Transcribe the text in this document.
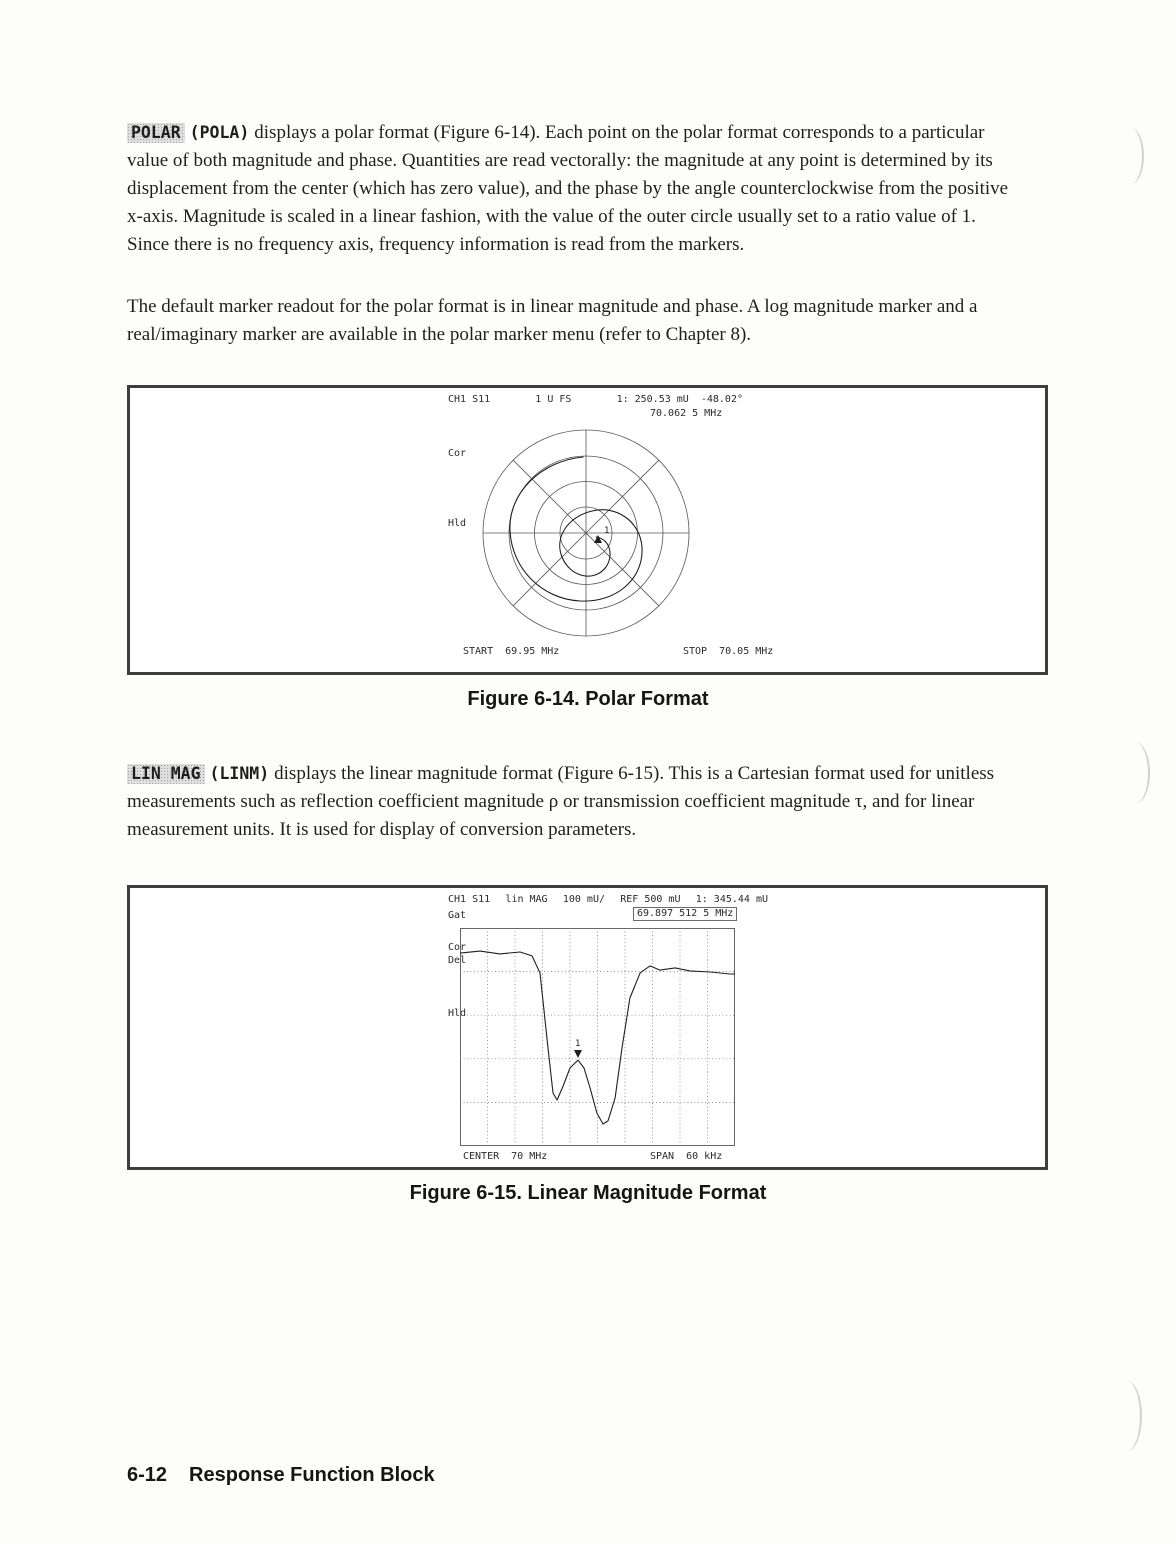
POLAR (POLA) displays a polar format (Figure 6-14). Each point on the polar format corresponds to a particular value of both magnitude and phase. Quantities are read vectorally: the magnitude at any point is determined by its displacement from the center (which has zero value), and the phase by the angle counterclockwise from the positive x-axis. Magnitude is scaled in a linear fashion, with the value of the outer circle usually set to a ratio value of 1. Since there is no frequency axis, frequency information is read from the markers.

The default marker readout for the polar format is in linear magnitude and phase. A log magnitude marker and a real/imaginary marker are available in the polar marker menu (refer to Chapter 8).

CH1 S11	1 U FS	1: 250.53 mU  -48.02°
70.062 5 MHz
Cor
Hld
1
START  69.95 MHz	STOP  70.05 MHz
Figure 6-14. Polar Format

LIN MAG (LINM) displays the linear magnitude format (Figure 6-15). This is a Cartesian format used for unitless measurements such as reflection coefficient magnitude ρ or transmission coefficient magnitude τ, and for linear measurement units. It is used for display of conversion parameters.

CH1 S11 lin MAG 100 mU/ REF 500 mU 1: 345.44 mU
69.897 512 5 MHz
Gat
Cor
Del
Hld
1
CENTER  70 MHz	SPAN  60 kHz
Figure 6-15. Linear Magnitude Format
6-12 Response Function Block
